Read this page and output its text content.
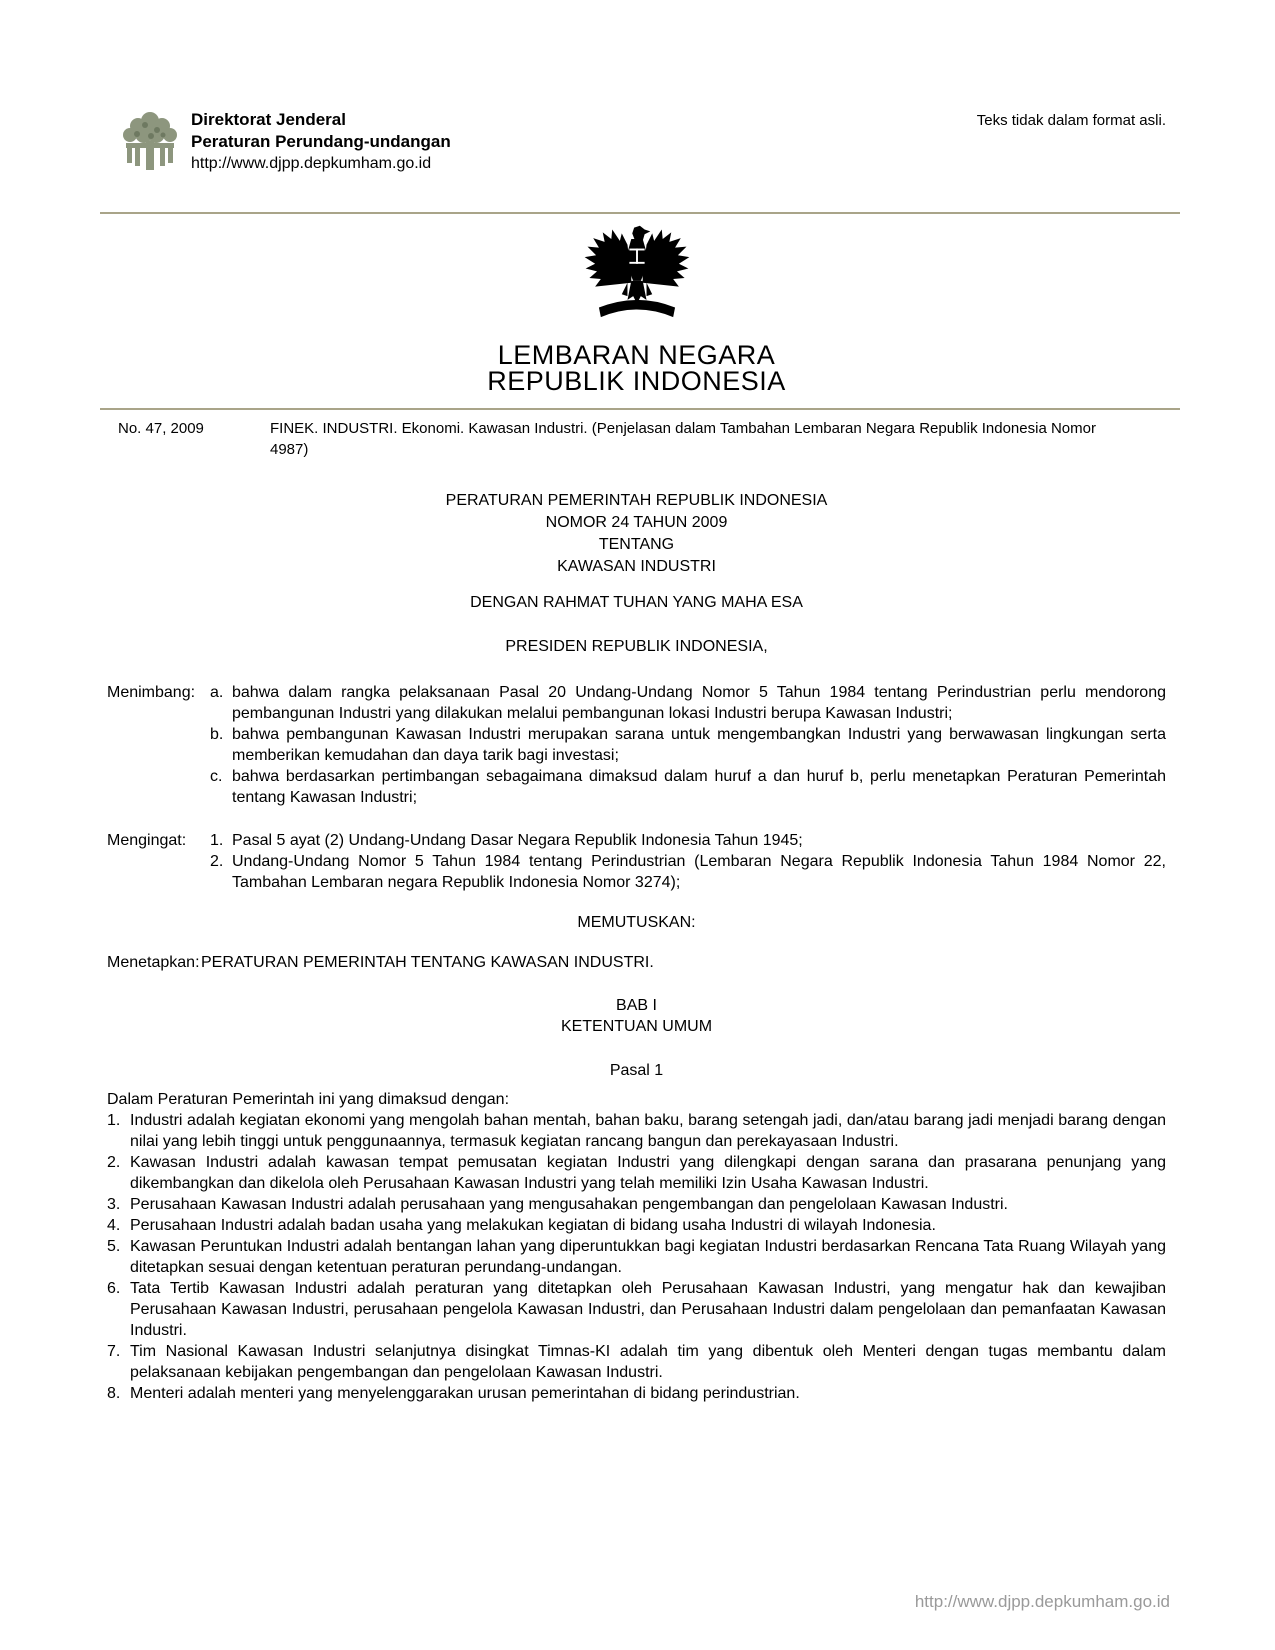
Direktorat Jenderal
Peraturan Perundang-undangan
http://www.djpp.depkumham.go.id
Teks tidak dalam format asli.
LEMBARAN NEGARA
REPUBLIK INDONESIA
No. 47, 2009	FINEK. INDUSTRI. Ekonomi. Kawasan Industri. (Penjelasan dalam Tambahan Lembaran Negara Republik Indonesia Nomor 4987)
PERATURAN PEMERINTAH REPUBLIK INDONESIA
NOMOR 24 TAHUN 2009
TENTANG
KAWASAN INDUSTRI
DENGAN RAHMAT TUHAN YANG MAHA ESA
PRESIDEN REPUBLIK INDONESIA,
Menimbang: a. bahwa dalam rangka pelaksanaan Pasal 20 Undang-Undang Nomor 5 Tahun 1984 tentang Perindustrian perlu mendorong pembangunan Industri yang dilakukan melalui pembangunan lokasi Industri berupa Kawasan Industri;
b. bahwa pembangunan Kawasan Industri merupakan sarana untuk mengembangkan Industri yang berwawasan lingkungan serta memberikan kemudahan dan daya tarik bagi investasi;
c. bahwa berdasarkan pertimbangan sebagaimana dimaksud dalam huruf a dan huruf b, perlu menetapkan Peraturan Pemerintah tentang Kawasan Industri;
Mengingat:	1. Pasal 5 ayat (2) Undang-Undang Dasar Negara Republik Indonesia Tahun 1945;
2. Undang-Undang Nomor 5 Tahun 1984 tentang Perindustrian (Lembaran Negara Republik Indonesia Tahun 1984 Nomor 22, Tambahan Lembaran negara Republik Indonesia Nomor 3274);
MEMUTUSKAN:
Menetapkan: PERATURAN PEMERINTAH TENTANG KAWASAN INDUSTRI.
BAB I
KETENTUAN UMUM
Pasal 1
Dalam Peraturan Pemerintah ini yang dimaksud dengan:
1. Industri adalah kegiatan ekonomi yang mengolah bahan mentah, bahan baku, barang setengah jadi, dan/atau barang jadi menjadi barang dengan nilai yang lebih tinggi untuk penggunaannya, termasuk kegiatan rancang bangun dan perekayasaan Industri.
2. Kawasan Industri adalah kawasan tempat pemusatan kegiatan Industri yang dilengkapi dengan sarana dan prasarana penunjang yang dikembangkan dan dikelola oleh Perusahaan Kawasan Industri yang telah memiliki Izin Usaha Kawasan Industri.
3. Perusahaan Kawasan Industri adalah perusahaan yang mengusahakan pengembangan dan pengelolaan Kawasan Industri.
4. Perusahaan Industri adalah badan usaha yang melakukan kegiatan di bidang usaha Industri di wilayah Indonesia.
5. Kawasan Peruntukan Industri adalah bentangan lahan yang diperuntukkan bagi kegiatan Industri berdasarkan Rencana Tata Ruang Wilayah yang ditetapkan sesuai dengan ketentuan peraturan perundang-undangan.
6. Tata Tertib Kawasan Industri adalah peraturan yang ditetapkan oleh Perusahaan Kawasan Industri, yang mengatur hak dan kewajiban Perusahaan Kawasan Industri, perusahaan pengelola Kawasan Industri, dan Perusahaan Industri dalam pengelolaan dan pemanfaatan Kawasan Industri.
7. Tim Nasional Kawasan Industri selanjutnya disingkat Timnas-KI adalah tim yang dibentuk oleh Menteri dengan tugas membantu dalam pelaksanaan kebijakan pengembangan dan pengelolaan Kawasan Industri.
8. Menteri adalah menteri yang menyelenggarakan urusan pemerintahan di bidang perindustrian.
http://www.djpp.depkumham.go.id
